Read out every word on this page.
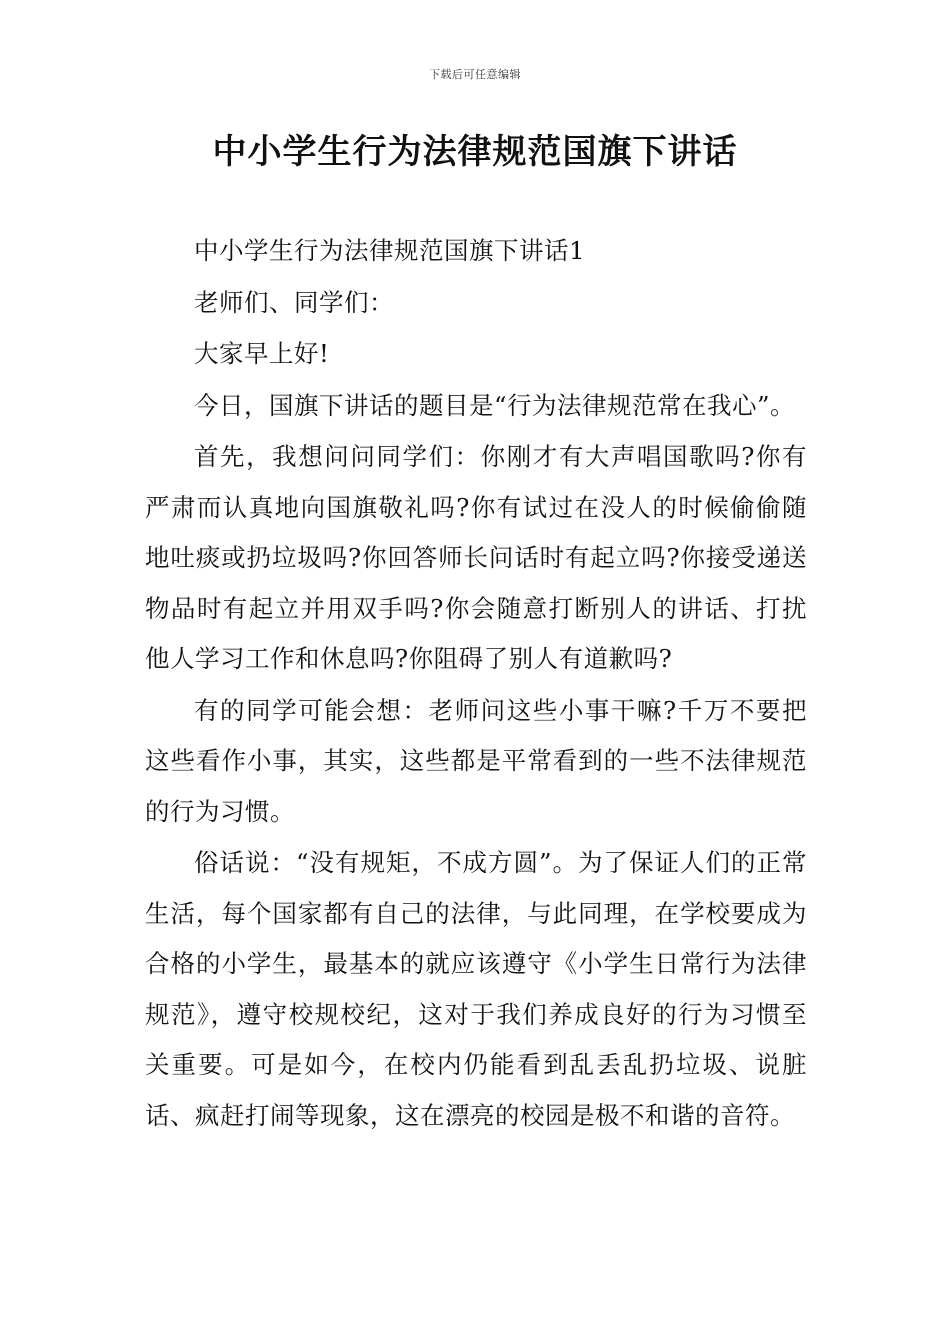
下载后可任意编辑
中小学生行为法律规范国旗下讲话

中小学生行为法律规范国旗下讲话1

老师们、同学们：

大家早上好!

今日，国旗下讲话的题目是“行为法律规范常在我心”。

首先，我想问问同学们：你刚才有大声唱国歌吗?你有严肃而认真地向国旗敬礼吗?你有试过在没人的时候偷偷随地吐痰或扔垃圾吗?你回答师长问话时有起立吗?你接受递送物品时有起立并用双手吗?你会随意打断别人的讲话、打扰他人学习工作和休息吗?你阻碍了别人有道歉吗?

有的同学可能会想：老师问这些小事干嘛?千万不要把这些看作小事，其实，这些都是平常看到的一些不法律规范的行为习惯。

俗话说：“没有规矩，不成方圆”。为了保证人们的正常生活，每个国家都有自己的法律，与此同理，在学校要成为合格的小学生，最基本的就应该遵守《小学生日常行为法律规范》，遵守校规校纪，这对于我们养成良好的行为习惯至关重要。可是如今，在校内仍能看到乱丢乱扔垃圾、说脏话、疯赶打闹等现象，这在漂亮的校园是极不和谐的音符。
